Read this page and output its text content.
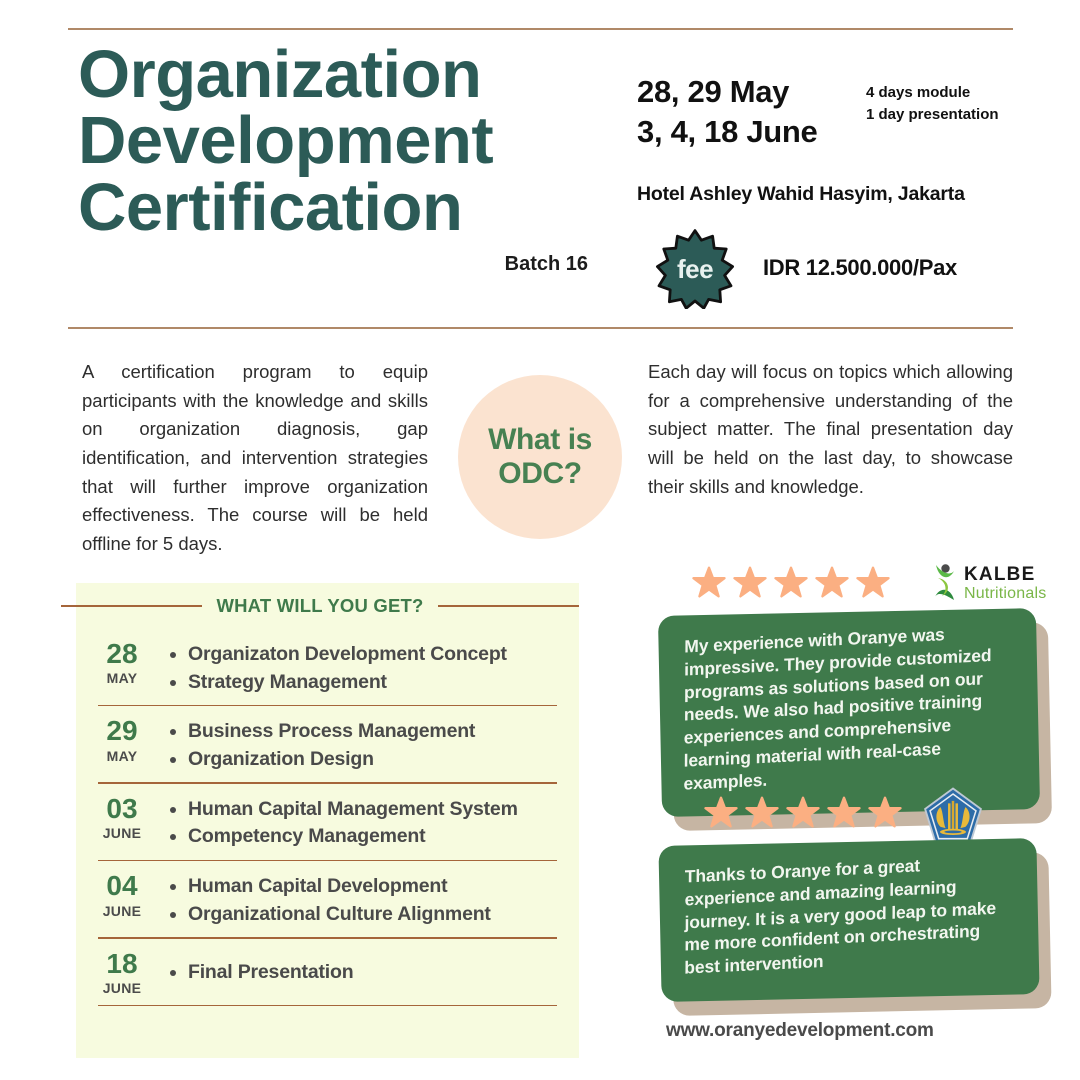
Organization
Development
Certification
Batch 16
28, 29 May
3, 4, 18 June
4 days module
1 day presentation
Hotel Ashley Wahid Hasyim, Jakarta
fee	IDR 12.500.000/Pax
A certification program to equip participants with the knowledge and skills on organization diagnosis, gap identification, and intervention strategies that will further improve organization effectiveness. The course will be held offline for 5 days.
Each day will focus on topics which allowing for a comprehensive understanding of the subject matter. The final presentation day will be held on the last day, to showcase their skills and knowledge.
What is
ODC?
WHAT WILL YOU GET?
28
MAY
Organizaton Development Concept
Strategy Management
29
MAY
Business Process Management
Organization Design
03
JUNE
Human Capital Management System
Competency Management
04
JUNE
Human Capital Development
Organizational Culture Alignment
18
JUNE
Final Presentation
KALBE
Nutritionals

My experience with Oranye was impressive. They provide customized programs as solutions based on our needs. We also had positive training experiences and comprehensive learning material with real-case examples.

Thanks to Oranye for a great experience and amazing learning journey. It is a very good leap to make me more confident on orchestrating best intervention

www.oranyedevelopment.com
